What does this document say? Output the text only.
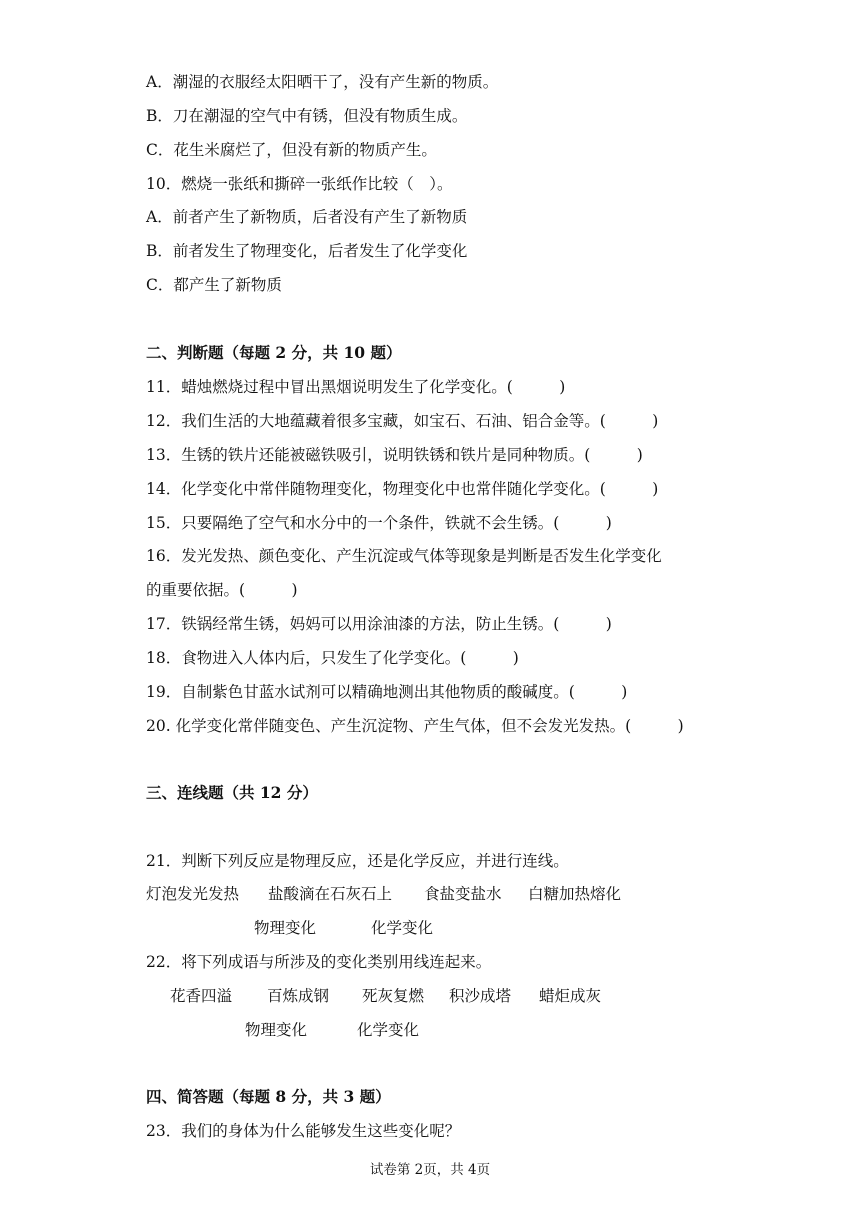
A．潮湿的衣服经太阳晒干了，没有产生新的物质。
B．刀在潮湿的空气中有锈，但没有物质生成。
C．花生米腐烂了，但没有新的物质产生。
10．燃烧一张纸和撕碎一张纸作比较（　）。
A．前者产生了新物质，后者没有产生了新物质
B．前者发生了物理变化，后者发生了化学变化
C．都产生了新物质
二、判断题（每题 2 分，共 10 题）
11．蜡烛燃烧过程中冒出黑烟说明发生了化学变化。(　　　)
12．我们生活的大地蕴藏着很多宝藏，如宝石、石油、铝合金等。(　　　)
13．生锈的铁片还能被磁铁吸引，说明铁锈和铁片是同种物质。(　　　)
14．化学变化中常伴随物理变化，物理变化中也常伴随化学变化。(　　　)
15．只要隔绝了空气和水分中的一个条件，铁就不会生锈。(　　　)
16．发光发热、颜色变化、产生沉淀或气体等现象是判断是否发生化学变化
的重要依据。(　　　)
17．铁锅经常生锈，妈妈可以用涂油漆的方法，防止生锈。(　　　)
18．食物进入人体内后，只发生了化学变化。(　　　)
19．自制紫色甘蓝水试剂可以精确地测出其他物质的酸碱度。(　　　)
20. 化学变化常伴随变色、产生沉淀物、产生气体，但不会发光发热。(　　　)
三、连线题（共 12 分）
21．判断下列反应是物理反应，还是化学反应，并进行连线。
灯泡发光发热 盐酸滴在石灰石上 食盐变盐水 白糖加热熔化
物理变化	化学变化
22．将下列成语与所涉及的变化类别用线连起来。
花香四溢 百炼成钢 死灰复燃 积沙成塔 蜡炬成灰
物理变化	化学变化
四、简答题（每题 8 分，共 3 题）
23．我们的身体为什么能够发生这些变化呢？
试卷第 2页，共 4页
